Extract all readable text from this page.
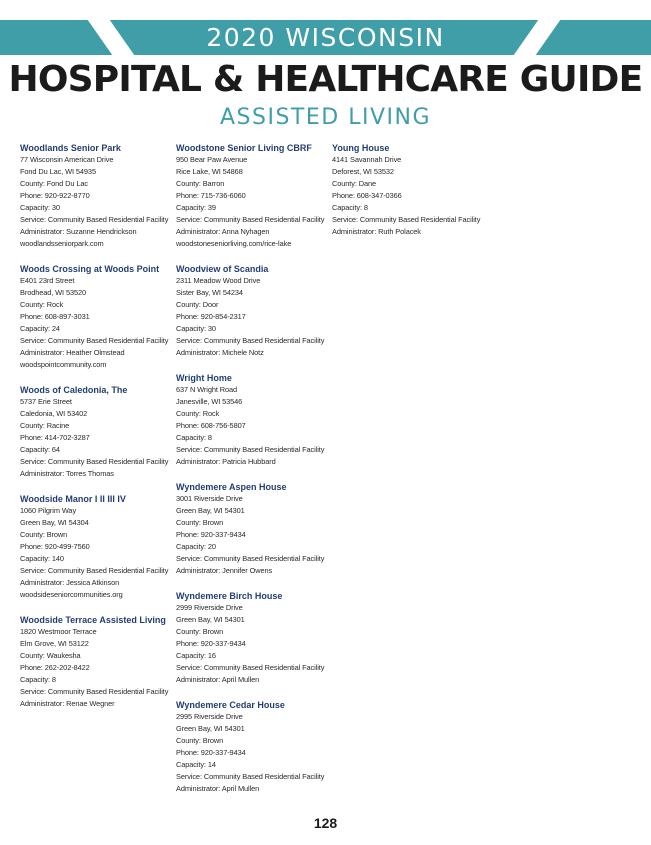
2020 WISCONSIN
HOSPITAL & HEALTHCARE GUIDE
ASSISTED LIVING
Woodlands Senior Park
77 Wisconsin American Drive
Fond Du Lac, WI 54935
County: Fond Du Lac
Phone: 920-922-8770
Capacity: 30
Service: Community Based Residential Facility
Administrator: Suzanne Hendrickson
woodlandsseniorpark.com
Woods Crossing at Woods Point
E401 23rd Street
Brodhead, WI 53520
County: Rock
Phone: 608-897-3031
Capacity: 24
Service: Community Based Residential Facility
Administrator: Heather Olmstead
woodspointcommunity.com
Woods of Caledonia, The
5737 Erie Street
Caledonia, WI 53402
County: Racine
Phone: 414-702-3287
Capacity: 64
Service: Community Based Residential Facility
Administrator: Torres Thomas
Woodside Manor I II III IV
1060 Pilgrim Way
Green Bay, WI 54304
County: Brown
Phone: 920-499-7560
Capacity: 140
Service: Community Based Residential Facility
Administrator: Jessica Atkinson
woodsideseniorcommunities.org
Woodside Terrace Assisted Living
1820 Westmoor Terrace
Elm Grove, WI 53122
County: Waukesha
Phone: 262-202-8422
Capacity: 8
Service: Community Based Residential Facility
Administrator: Renae Wegner
Woodstone Senior Living CBRF
950 Bear Paw Avenue
Rice Lake, WI 54868
County: Barron
Phone: 715-736-6060
Capacity: 39
Service: Community Based Residential Facility
Administrator: Anna Nyhagen
woodstoneseniorliving.com/rice-lake
Woodview of Scandia
2311 Meadow Wood Drive
Sister Bay, WI 54234
County: Door
Phone: 920-854-2317
Capacity: 30
Service: Community Based Residential Facility
Administrator: Michele Notz
Wright Home
637 N Wright Road
Janesville, WI 53546
County: Rock
Phone: 608-756-5807
Capacity: 8
Service: Community Based Residential Facility
Administrator: Patricia Hubbard
Wyndemere Aspen House
3001 Riverside Drive
Green Bay, WI 54301
County: Brown
Phone: 920-337-9434
Capacity: 20
Service: Community Based Residential Facility
Administrator: Jennifer Owens
Wyndemere Birch House
2999 Riverside Drive
Green Bay, WI 54301
County: Brown
Phone: 920-337-9434
Capacity: 16
Service: Community Based Residential Facility
Administrator: April Mullen
Wyndemere Cedar House
2995 Riverside Drive
Green Bay, WI 54301
County: Brown
Phone: 920-337-9434
Capacity: 14
Service: Community Based Residential Facility
Administrator: April Mullen
Young House
4141 Savannah Drive
Deforest, WI 53532
County: Dane
Phone: 608-347-0366
Capacity: 8
Service: Community Based Residential Facility
Administrator: Ruth Polacek
128
